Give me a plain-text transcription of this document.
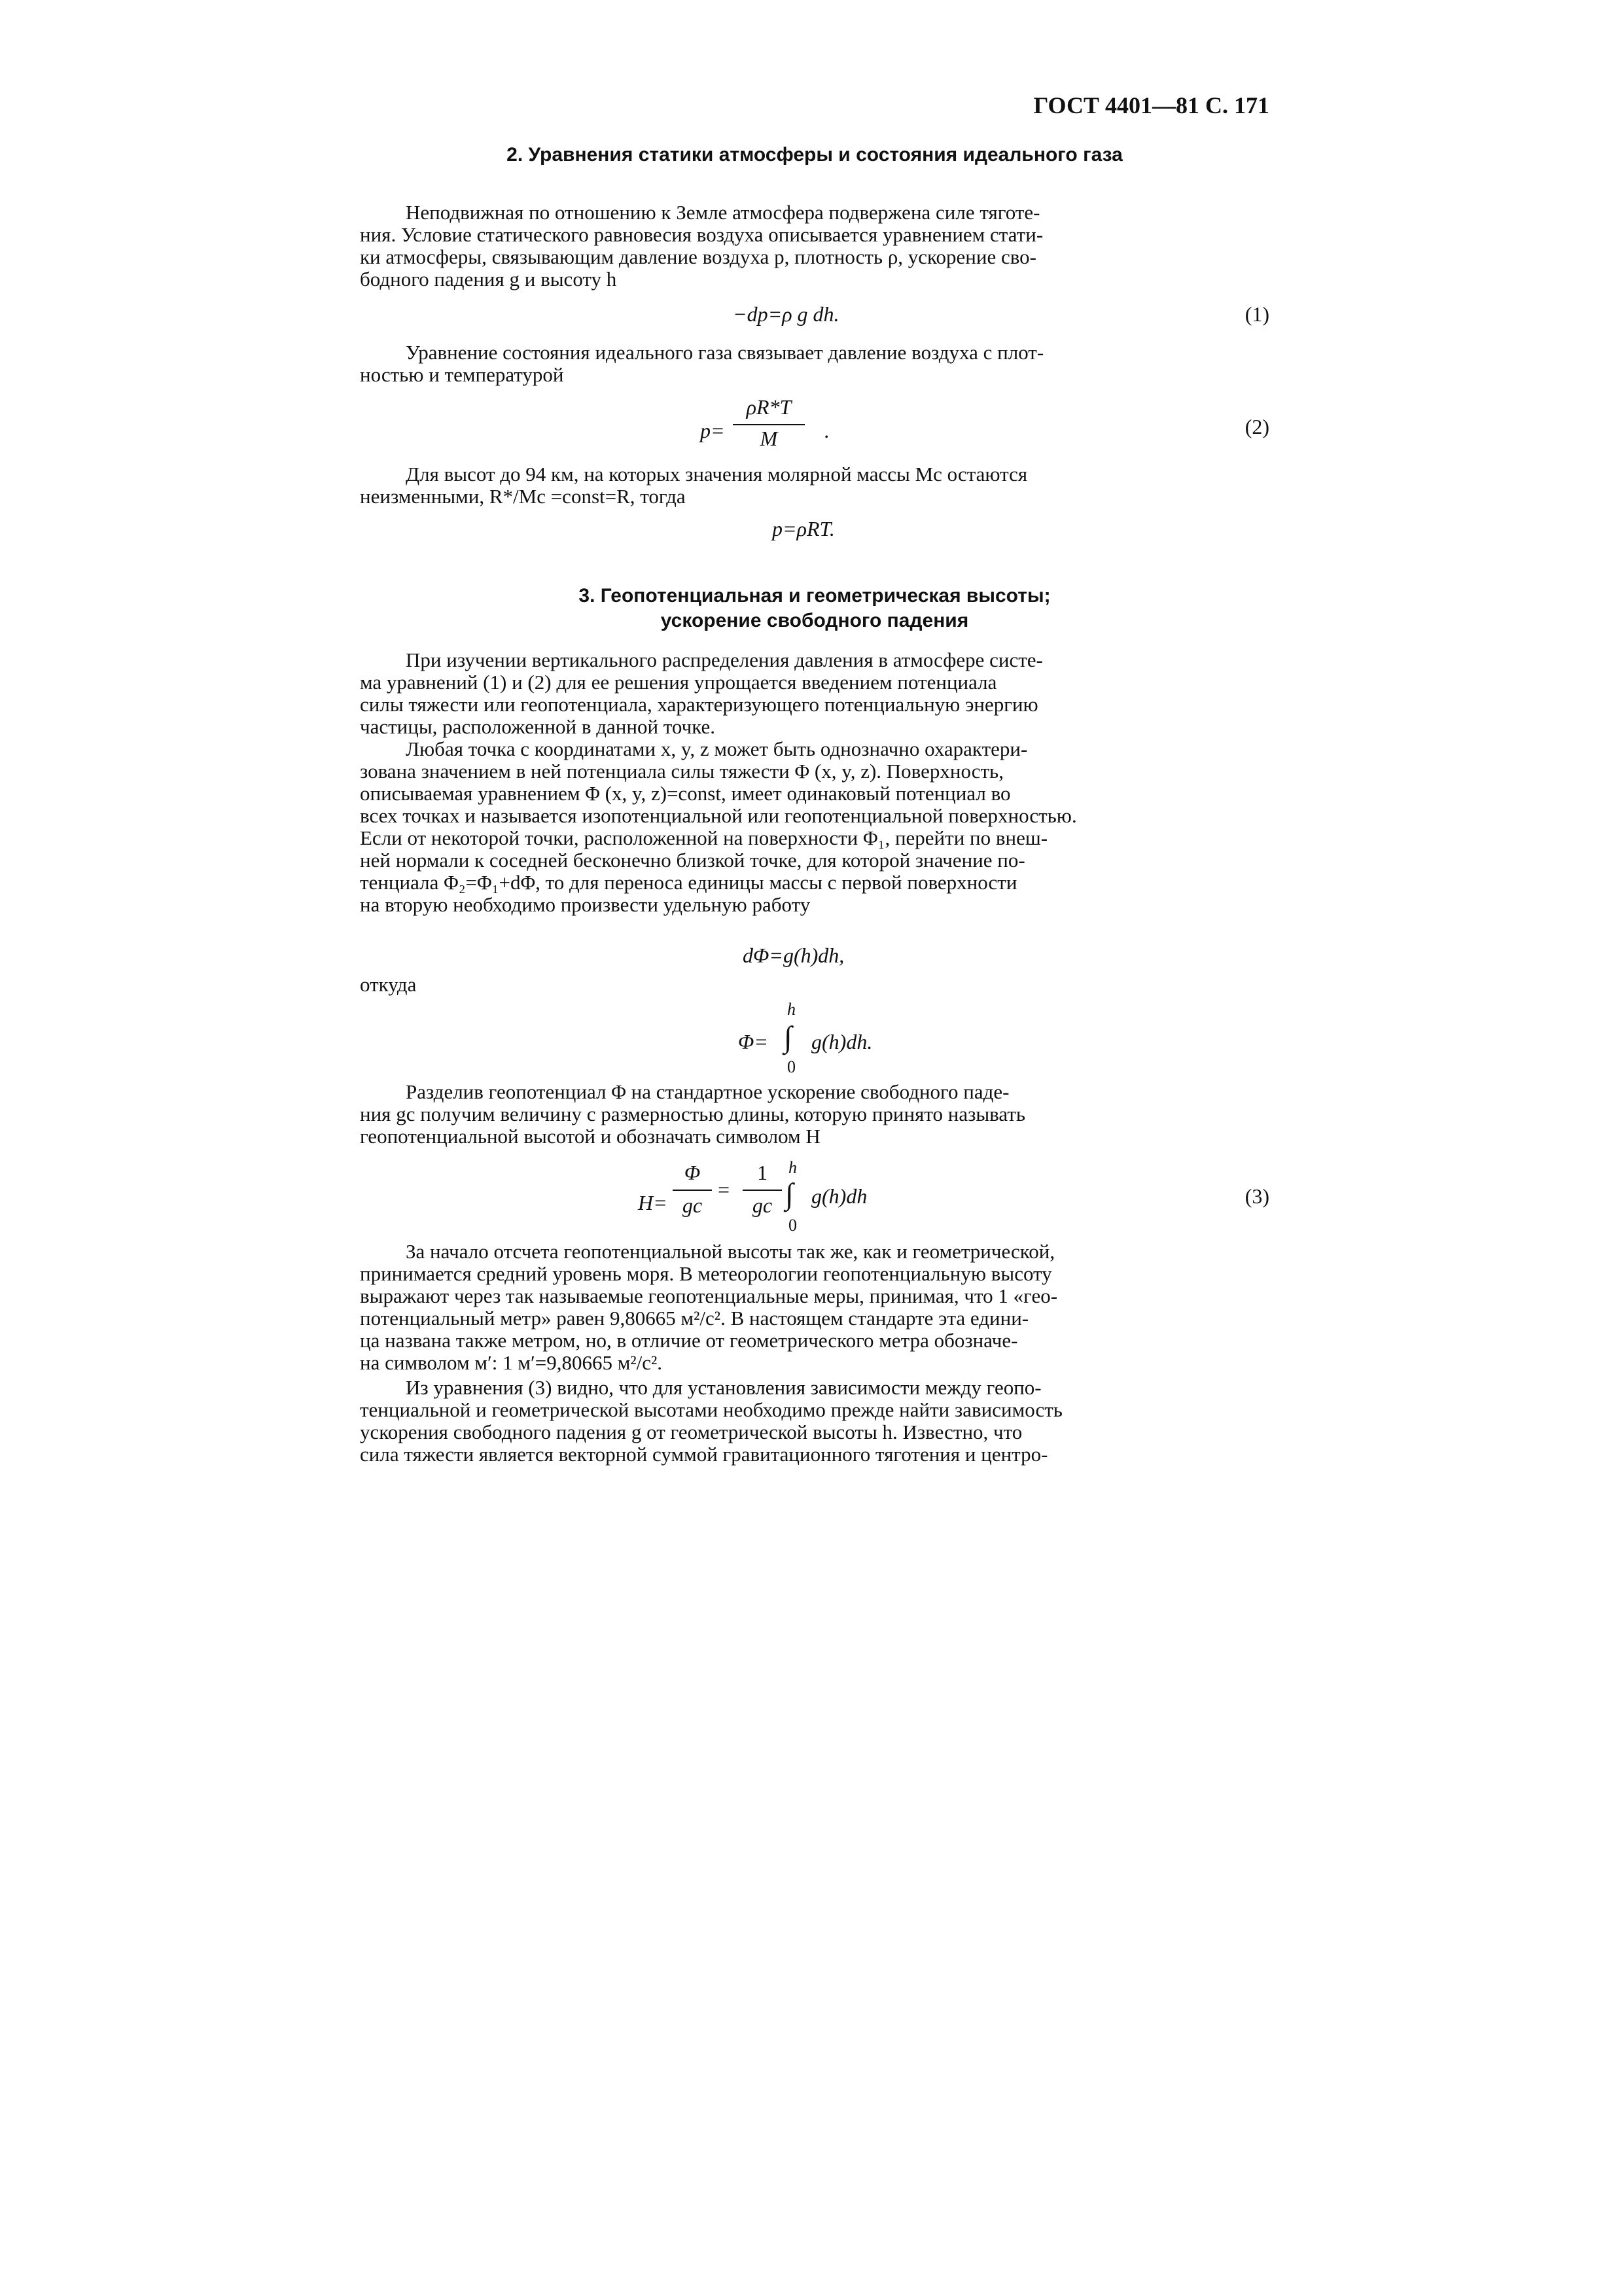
ГОСТ 4401—81 С. 171
2. Уравнения статики атмосферы и состояния идеального газа
Неподвижная по отношению к Земле атмосфера подвержена силе тяготе-
ния. Условие статического равновесия воздуха описывается уравнением стати-
ки атмосферы, связывающим давление воздуха p, плотность ρ, ускорение сво-
бодного падения g и высоту h
−dp=ρ g dh.	(1)
Уравнение состояния идеального газа связывает давление воздуха с плот-
ностью и температурой
p=
ρR*T
M	.	(2)
Для высот до 94 км, на которых значения молярной массы Mс остаются
неизменными, R*/Mс =const=R, тогда
p=ρRT.
3. Геопотенциальная и геометрическая высоты;
ускорение свободного падения
При изучении вертикального распределения давления в атмосфере систе-
ма уравнений (1) и (2) для ее решения упрощается введением потенциала
силы тяжести или геопотенциала, характеризующего потенциальную энергию
частицы, расположенной в данной точке.
Любая точка с координатами x, y, z может быть однозначно охарактери-
зована значением в ней потенциала силы тяжести Φ (x, y, z). Поверхность,
описываемая уравнением Φ (x, y, z)=const, имеет одинаковый потенциал во
всех точках и называется изопотенциальной или геопотенциальной поверхностью.
Если от некоторой точки, расположенной на поверхности Φ₁, перейти по внеш-
ней нормали к соседней бесконечно близкой точке, для которой значение по-
тенциала Φ₂=Φ₁+dΦ, то для переноса единицы массы с первой поверхности
на вторую необходимо произвести удельную работу
dΦ=g(h)dh,
откуда
Φ=
h
∫
0
g(h)dh.
Разделив геопотенциал Φ на стандартное ускорение свободного паде-
ния gс получим величину с размерностью длины, которую принято называть
геопотенциальной высотой и обозначать символом H
H=
Φ
gс
=
1
gс
h
∫
0
g(h)dh	(3)
За начало отсчета геопотенциальной высоты так же, как и геометрической,
принимается средний уровень моря. В метеорологии геопотенциальную высоту
выражают через так называемые геопотенциальные меры, принимая, что 1 «гео-
потенциальный метр» равен 9,80665 м²/с². В настоящем стандарте эта едини-
ца названа также метром, но, в отличие от геометрического метра обозначе-
на символом м′: 1 м′=9,80665 м²/с².
Из уравнения (3) видно, что для установления зависимости между геопо-
тенциальной и геометрической высотами необходимо прежде найти зависимость
ускорения свободного падения g от геометрической высоты h. Известно, что
сила тяжести является векторной суммой гравитационного тяготения и центро-
